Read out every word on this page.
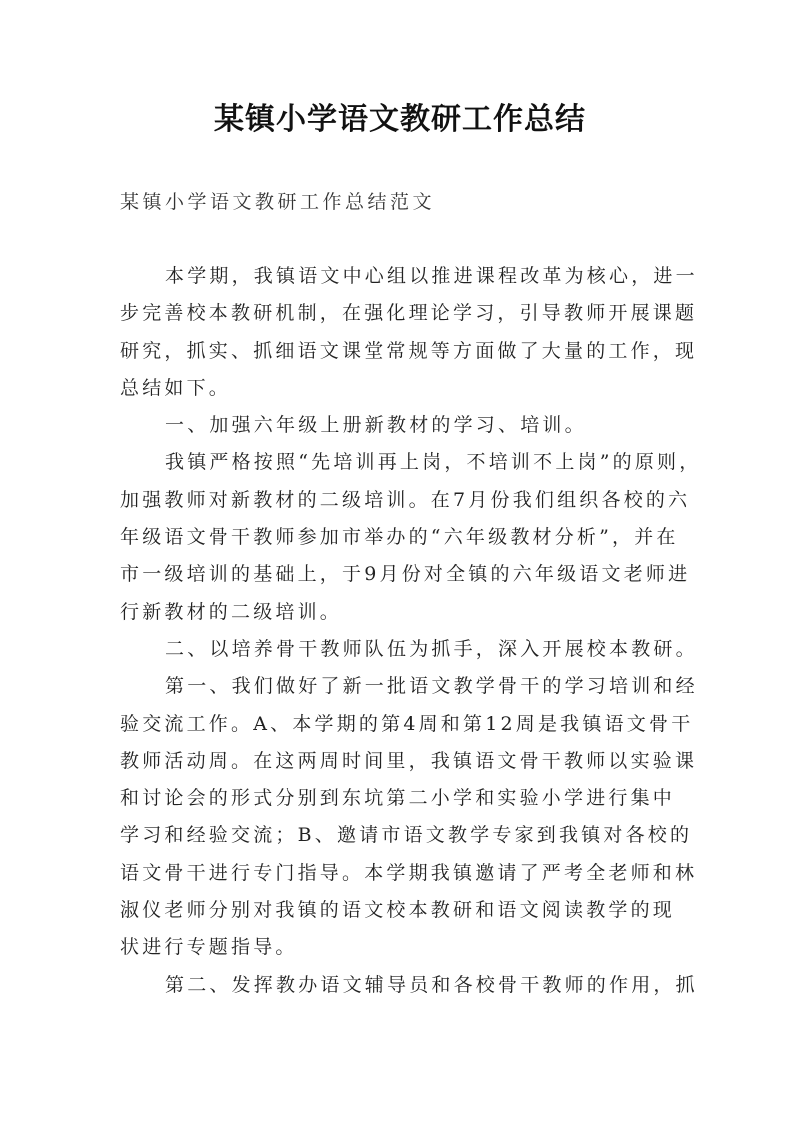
某镇小学语文教研工作总结
某镇小学语文教研工作总结范文
本学期，我镇语文中心组以推进课程改革为核心，进一
步完善校本教研机制，在强化理论学习，引导教师开展课题
研究，抓实、抓细语文课堂常规等方面做了大量的工作，现
总结如下。
一、加强六年级上册新教材的学习、培训。
我镇严格按照“先培训再上岗，不培训不上岗”的原则，
加强教师对新教材的二级培训。在7月份我们组织各校的六
年级语文骨干教师参加市举办的“六年级教材分析”，并在
市一级培训的基础上，于9月份对全镇的六年级语文老师进
行新教材的二级培训。
二、以培养骨干教师队伍为抓手，深入开展校本教研。
第一、我们做好了新一批语文教学骨干的学习培训和经
验交流工作。A、本学期的第4周和第12周是我镇语文骨干
教师活动周。在这两周时间里，我镇语文骨干教师以实验课
和讨论会的形式分别到东坑第二小学和实验小学进行集中
学习和经验交流；B、邀请市语文教学专家到我镇对各校的
语文骨干进行专门指导。本学期我镇邀请了严考全老师和林
淑仪老师分别对我镇的语文校本教研和语文阅读教学的现
状进行专题指导。
第二、发挥教办语文辅导员和各校骨干教师的作用，抓
